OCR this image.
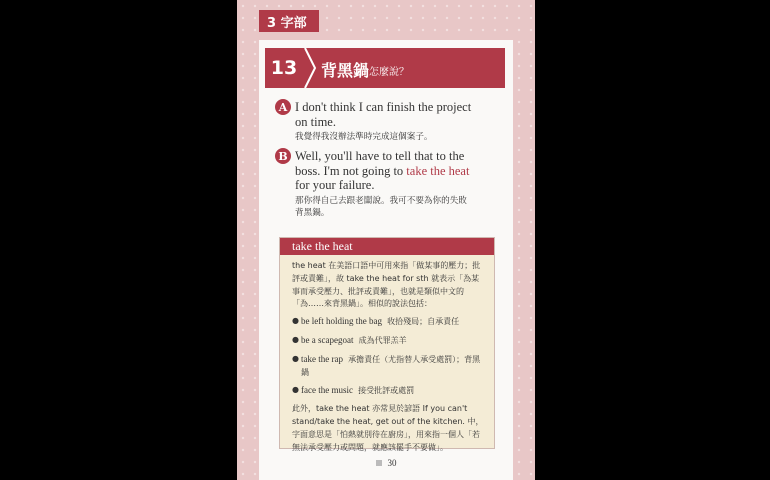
3 字部
13	背黑鍋 怎麼說？
A I don't think I can finish the project on time.
我覺得我沒辦法準時完成這個案子。
B Well, you'll have to tell that to the boss. I'm not going to take the heat for your failure.
那你得自己去跟老闆說。我可不要為你的失敗背黑鍋。
take the heat

the heat 在美語口語中可用來指「做某事的壓力；批評或責難」，故 take the heat for sth 就表示「為某事而承受壓力、批評或責難」，也就是類似中文的「為……來背黑鍋」。相似的說法包括：

● be left holding the bag 收拾殘局；自承責任
● be a scapegoat 成為代罪羔羊
● take the rap 承擔責任（尤指替人承受處罰）；背黑鍋
● face the music 接受批評或處罰

此外，take the heat 亦常見於諺語 If you can't stand/take the heat, get out of the kitchen. 中，字面意思是「怕熱就別待在廚房」，用來指一個人「若無法承受壓力或問題，就應該罷手不要做」。

30
